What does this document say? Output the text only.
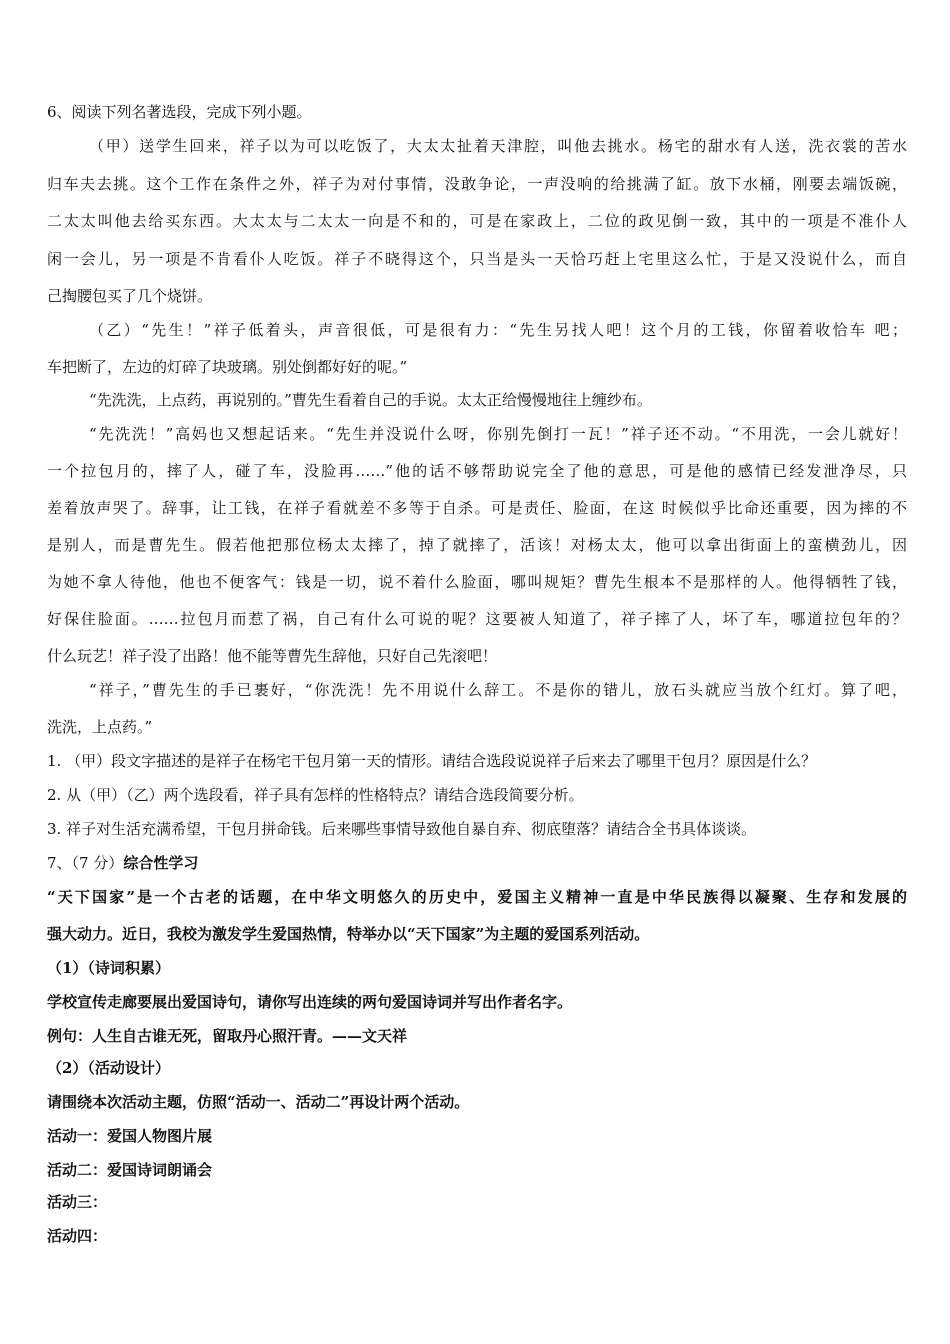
6、阅读下列名著选段，完成下列小题。
（甲）送学生回来，祥子以为可以吃饭了，大太太扯着天津腔，叫他去挑水。杨宅的甜水有人送，洗衣裳的苦水
归车夫去挑。这个工作在条件之外，祥子为对付事情，没敢争论，一声没响的给挑满了缸。放下水桶，刚要去端饭碗，
二太太叫他去给买东西。大太太与二太太一向是不和的，可是在家政上，二位的政见倒一致，其中的一项是不准仆人
闲一会儿，另一项是不肯看仆人吃饭。祥子不晓得这个，只当是头一天恰巧赶上宅里这么忙，于是又没说什么，而自
己掏腰包买了几个烧饼。
（乙）“先生！”祥子低着头，声音很低，可是很有力：“先生另找人吧！这个月的工钱，你留着收恰车 吧；
车把断了，左边的灯碎了块玻璃。别处倒都好好的呢。”
“先洗洗，上点药，再说别的。”曹先生看着自己的手说。太太正给慢慢地往上缠纱布。
“先洗洗！”高妈也又想起话来。“先生并没说什么呀，你别先倒打一瓦！”祥子还不动。“不用洗，一会儿就好！
一个拉包月的，摔了人，碰了车，没脸再……”他的话不够帮助说完全了他的意思，可是他的感情已经发泄净尽，只
差着放声哭了。辞事，让工钱，在祥子看就差不多等于自杀。可是责任、脸面，在这 时候似乎比命还重要，因为摔的不
是别人，而是曹先生。假若他把那位杨太太摔了，掉了就摔了，活该！对杨太太，他可以拿出街面上的蛮横劲儿，因
为她不拿人待他，他也不便客气：钱是一切，说不着什么脸面，哪叫规矩？曹先生根本不是那样的人。他得牺牲了钱，
好保住脸面。……拉包月而惹了祸，自己有什么可说的呢？这要被人知道了，祥子摔了人，坏了车，哪道拉包年的？
什么玩艺！祥子没了出路！他不能等曹先生辞他，只好自己先滚吧！
“祥子，”曹先生的手已裹好，“你洗洗！先不用说什么辞工。不是你的错儿，放石头就应当放个红灯。算了吧，
洗洗，上点药。”
1. （甲）段文字描述的是祥子在杨宅干包月第一天的情形。请结合选段说说祥子后来去了哪里干包月？原因是什么？
2. 从（甲）（乙）两个选段看，祥子具有怎样的性格特点？请结合选段简要分析。
3. 祥子对生活充满希望，干包月拼命钱。后来哪些事情导致他自暴自弃、彻底堕落？请结合全书具体谈谈。
7、（7 分）综合性学习
“天下国家”是一个古老的话题，在中华文明悠久的历史中，爱国主义精神一直是中华民族得以凝聚、生存和发展的
强大动力。近日，我校为激发学生爱国热情，特举办以“天下国家”为主题的爱国系列活动。
（1）（诗词积累）
学校宣传走廊要展出爱国诗句，请你写出连续的两句爱国诗词并写出作者名字。
例句：人生自古谁无死，留取丹心照汗青。——文天祥
（2）（活动设计）
请围绕本次活动主题，仿照“活动一、活动二”再设计两个活动。
活动一：爱国人物图片展
活动二：爱国诗词朗诵会
活动三：
活动四：
